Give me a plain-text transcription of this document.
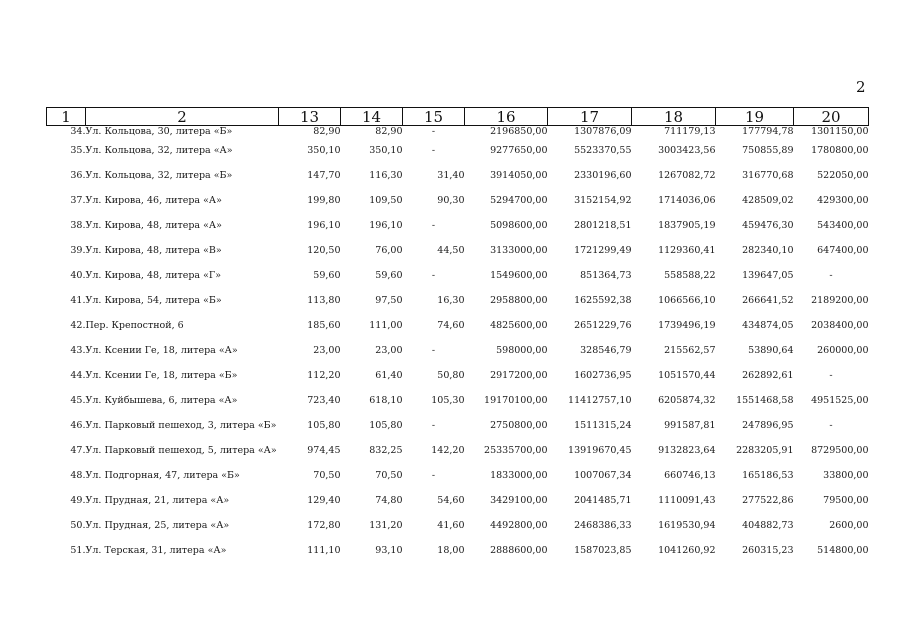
2
1	2	13	14	15	16	17	18	19	20
34.	Ул. Кольцова, 30, литера «Б»	82,90	82,90	-	2196850,00	1307876,09	711179,13	177794,78	1301150,00
35.	Ул. Кольцова, 32, литера «А»	350,10	350,10	-	9277650,00	5523370,55	3003423,56	750855,89	1780800,00
36.	Ул. Кольцова, 32, литера «Б»	147,70	116,30	31,40	3914050,00	2330196,60	1267082,72	316770,68	522050,00
37.	Ул. Кирова, 46, литера «А»	199,80	109,50	90,30	5294700,00	3152154,92	1714036,06	428509,02	429300,00
38.	Ул. Кирова, 48, литера «А»	196,10	196,10	-	5098600,00	2801218,51	1837905,19	459476,30	543400,00
39.	Ул. Кирова, 48, литера «В»	120,50	76,00	44,50	3133000,00	1721299,49	1129360,41	282340,10	647400,00
40.	Ул. Кирова, 48, литера «Г»	59,60	59,60	-	1549600,00	851364,73	558588,22	139647,05	-
41.	Ул. Кирова, 54, литера «Б»	113,80	97,50	16,30	2958800,00	1625592,38	1066566,10	266641,52	2189200,00
42.	Пер. Крепостной, 6	185,60	111,00	74,60	4825600,00	2651229,76	1739496,19	434874,05	2038400,00
43.	Ул. Ксении Ге, 18, литера «А»	23,00	23,00	-	598000,00	328546,79	215562,57	53890,64	260000,00
44.	Ул. Ксении Ге, 18, литера «Б»	112,20	61,40	50,80	2917200,00	1602736,95	1051570,44	262892,61	-
45.	Ул. Куйбышева, 6, литера «А»	723,40	618,10	105,30	19170100,00	11412757,10	6205874,32	1551468,58	4951525,00
46.	Ул. Парковый пешеход, 3, литера «Б»	105,80	105,80	-	2750800,00	1511315,24	991587,81	247896,95	-
47.	Ул. Парковый пешеход, 5, литера «А»	974,45	832,25	142,20	25335700,00	13919670,45	9132823,64	2283205,91	8729500,00
48.	Ул. Подгорная, 47, литера «Б»	70,50	70,50	-	1833000,00	1007067,34	660746,13	165186,53	33800,00
49.	Ул. Прудная, 21, литера «А»	129,40	74,80	54,60	3429100,00	2041485,71	1110091,43	277522,86	79500,00
50.	Ул. Прудная, 25, литера «А»	172,80	131,20	41,60	4492800,00	2468386,33	1619530,94	404882,73	2600,00
51.	Ул. Терская, 31, литера «А»	111,10	93,10	18,00	2888600,00	1587023,85	1041260,92	260315,23	514800,00
